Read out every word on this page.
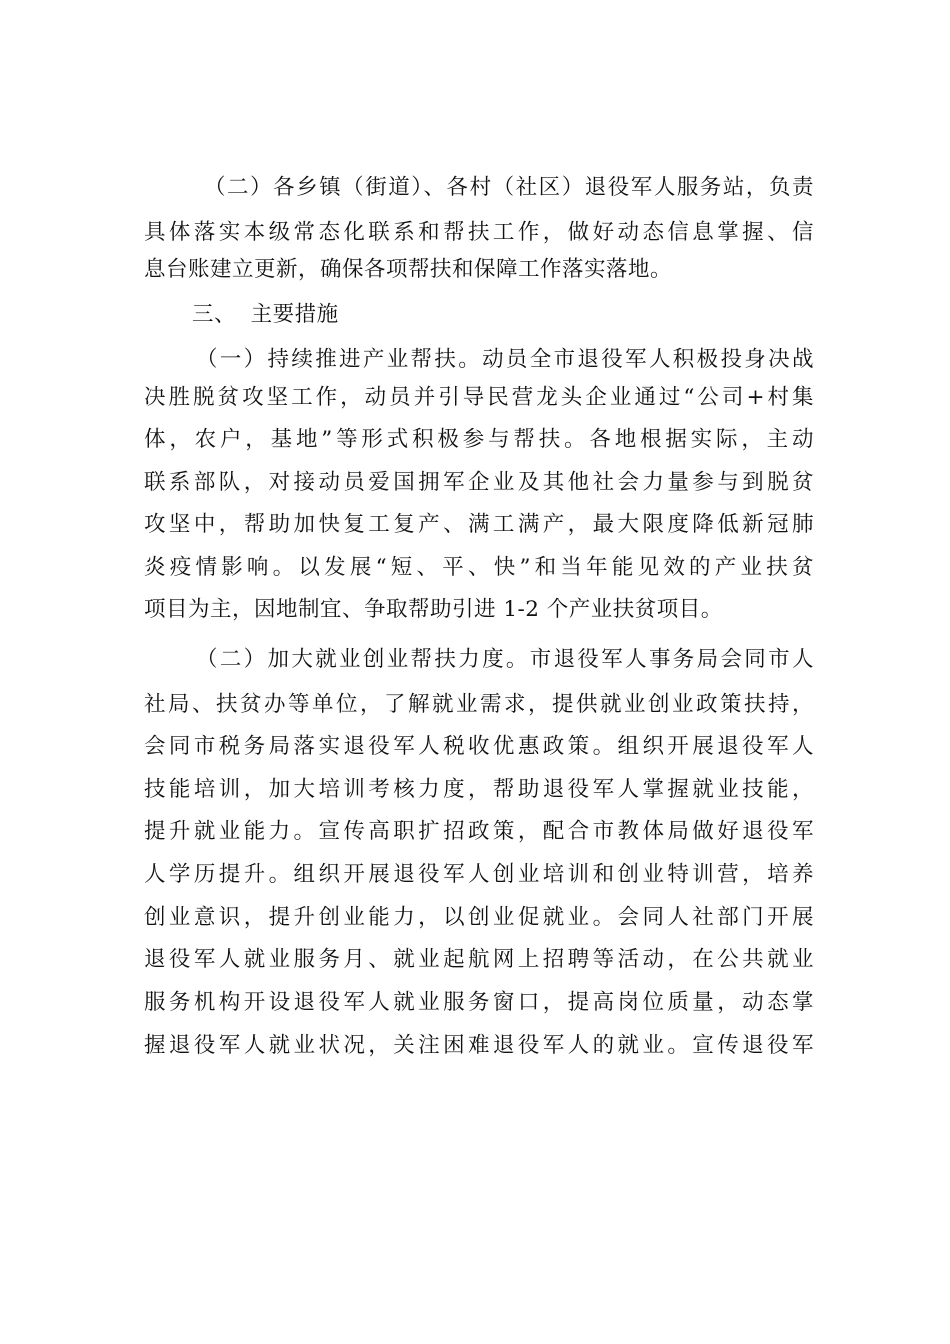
（二）各乡镇（街道）、各村（社区）退役军人服务站，负责
具体落实本级常态化联系和帮扶工作，做好动态信息掌握、信
息台账建立更新，确保各项帮扶和保障工作落实落地。
三、  主要措施
（一）持续推进产业帮扶。动员全市退役军人积极投身决战
决胜脱贫攻坚工作，动员并引导民营龙头企业通过“公司+村集
体，农户，基地”等形式积极参与帮扶。各地根据实际，主动
联系部队，对接动员爱国拥军企业及其他社会力量参与到脱贫
攻坚中，帮助加快复工复产、满工满产，最大限度降低新冠肺
炎疫情影响。以发展“短、平、快”和当年能见效的产业扶贫
项目为主，因地制宜、争取帮助引进 1-2 个产业扶贫项目。
（二）加大就业创业帮扶力度。市退役军人事务局会同市人
社局、扶贫办等单位，了解就业需求，提供就业创业政策扶持，
会同市税务局落实退役军人税收优惠政策。组织开展退役军人
技能培训，加大培训考核力度，帮助退役军人掌握就业技能，
提升就业能力。宣传高职扩招政策，配合市教体局做好退役军
人学历提升。组织开展退役军人创业培训和创业特训营，培养
创业意识，提升创业能力，以创业促就业。会同人社部门开展
退役军人就业服务月、就业起航网上招聘等活动，在公共就业
服务机构开设退役军人就业服务窗口，提高岗位质量，动态掌
握退役军人就业状况，关注困难退役军人的就业。宣传退役军
